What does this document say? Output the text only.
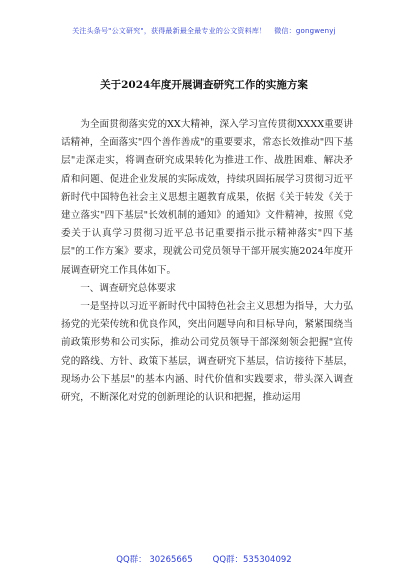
关注头条号"公文研究"，获得最新最全最专业的公文资料库！ 微信：gongwenyj
关于2024年度开展调查研究工作的实施方案

为全面贯彻落实党的XX大精神，深入学习宣传贯彻XXXX重要讲话精神，全面落实"四个善作善成"的重要要求，常态长效推动"四下基层"走深走实，将调查研究成果转化为推进工作、战胜困难、解决矛盾和问题、促进企业发展的实际成效，持续巩固拓展学习贯彻习近平新时代中国特色社会主义思想主题教育成果，依据《关于转发《关于建立落实"四下基层"长效机制的通知》的通知》文件精神，按照《党委关于认真学习贯彻习近平总书记重要指示批示精神落实"四下基层"的工作方案》要求，现就公司党员领导干部开展实施2024年度开展调查研究工作具体如下。

一、调查研究总体要求

一是坚持以习近平新时代中国特色社会主义思想为指导，大力弘扬党的光荣传统和优良作风，突出问题导向和目标导向，紧紧围绕当前政策形势和公司实际，推动公司党员领导干部深刻领会把握"宣传党的路线、方针、政策下基层，调查研究下基层，信访接待下基层，现场办公下基层"的基本内涵、时代价值和实践要求，带头深入调查研究，不断深化对党的创新理论的认识和把握，推动运用

QQ群： 30265665 QQ群：535304092
